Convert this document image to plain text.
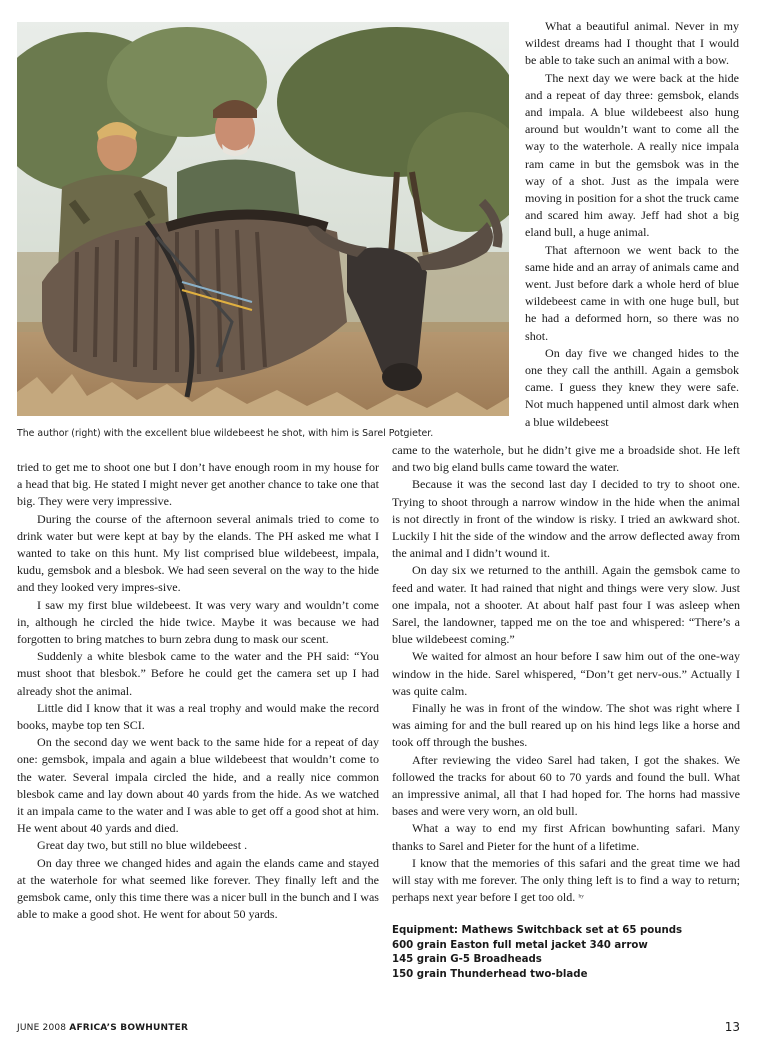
The author (right) with the excellent blue wildebeest he shot, with him is Sarel Potgieter.

What a beautiful animal. Never in my wildest dreams had I thought that I would be able to take such an animal with a bow.

The next day we were back at the hide and a repeat of day three: gemsbok, elands and impala. A blue wildebeest also hung around but wouldn’t want to come all the way to the waterhole. A really nice impala ram came in but the gemsbok was in the way of a shot. Just as the impala were moving in position for a shot the truck came and scared him away. Jeff had shot a big eland bull, a huge animal.

That afternoon we went back to the same hide and an array of animals came and went. Just before dark a whole herd of blue wildebeest came in with one huge bull, but he had a deformed horn, so there was no shot.

On day five we changed hides to the one they call the anthill. Again a gemsbok came. I guess they knew they were safe. Not much happened until almost dark when a blue wildebeest

tried to get me to shoot one but I don’t have enough room in my house for a head that big. He stated I might never get another chance to take one that big. They were very impressive.

During the course of the afternoon several animals tried to come to drink water but were kept at bay by the elands. The PH asked me what I wanted to take on this hunt. My list comprised blue wildebeest, impala, kudu, gemsbok and a blesbok. We had seen several on the way to the hide and they looked very impres-sive.

I saw my first blue wildebeest. It was very wary and wouldn’t come in, although he circled the hide twice. Maybe it was because we had forgotten to bring matches to burn zebra dung to mask our scent.

Suddenly a white blesbok came to the water and the PH said: “You must shoot that blesbok.” Before he could get the camera set up I had already shot the animal.

Little did I know that it was a real trophy and would make the record books, maybe top ten SCI.

On the second day we went back to the same hide for a repeat of day one: gemsbok, impala and again a blue wildebeest that wouldn’t come to the water. Several impala circled the hide, and a really nice common blesbok came and lay down about 40 yards from the hide. As we watched it an impala came to the water and I was able to get off a good shot at him. He went about 40 yards and died.

Great day two, but still no blue wildebeest .

On day three we changed hides and again the elands came and stayed at the waterhole for what seemed like forever. They finally left and the gemsbok came, only this time there was a nicer bull in the bunch and I was able to make a good shot. He went for about 50 yards.

came to the waterhole, but he didn’t give me a broadside shot. He left and two big eland bulls came toward the water.

Because it was the second last day I decided to try to shoot one. Trying to shoot through a narrow window in the hide when the animal is not directly in front of the window is risky. I tried an awkward shot. Luckily I hit the side of the window and the arrow deflected away from the animal and I didn’t wound it.

On day six we returned to the anthill. Again the gemsbok came to feed and water. It had rained that night and things were very slow. Just one impala, not a shooter. At about half past four I was asleep when Sarel, the landowner, tapped me on the toe and whispered: “There’s a blue wildebeest coming.”

We waited for almost an hour before I saw him out of the one-way window in the hide. Sarel whispered, “Don’t get nerv-ous.” Actually I was quite calm.

Finally he was in front of the window. The shot was right where I was aiming for and the bull reared up on his hind legs like a horse and took off through the bushes.

After reviewing the video Sarel had taken, I got the shakes. We followed the tracks for about 60 to 70 yards and found the bull. What an impressive animal, all that I had hoped for. The horns had massive bases and were very worn, an old bull.

What a way to end my first African bowhunting safari. Many thanks to Sarel and Pieter for the hunt of a lifetime.

I know that the memories of this safari and the great time we had will stay with me forever. The only thing left is to find a way to return; perhaps next year before I get too old. $^{ʰʸ}$

Equipment: Mathews Switchback set at 65 pounds
600 grain Easton full metal jacket 340 arrow
145 grain G-5 Broadheads
150 grain Thunderhead two-blade
JUNE 2008 AFRICA’S BOWHUNTER	13
